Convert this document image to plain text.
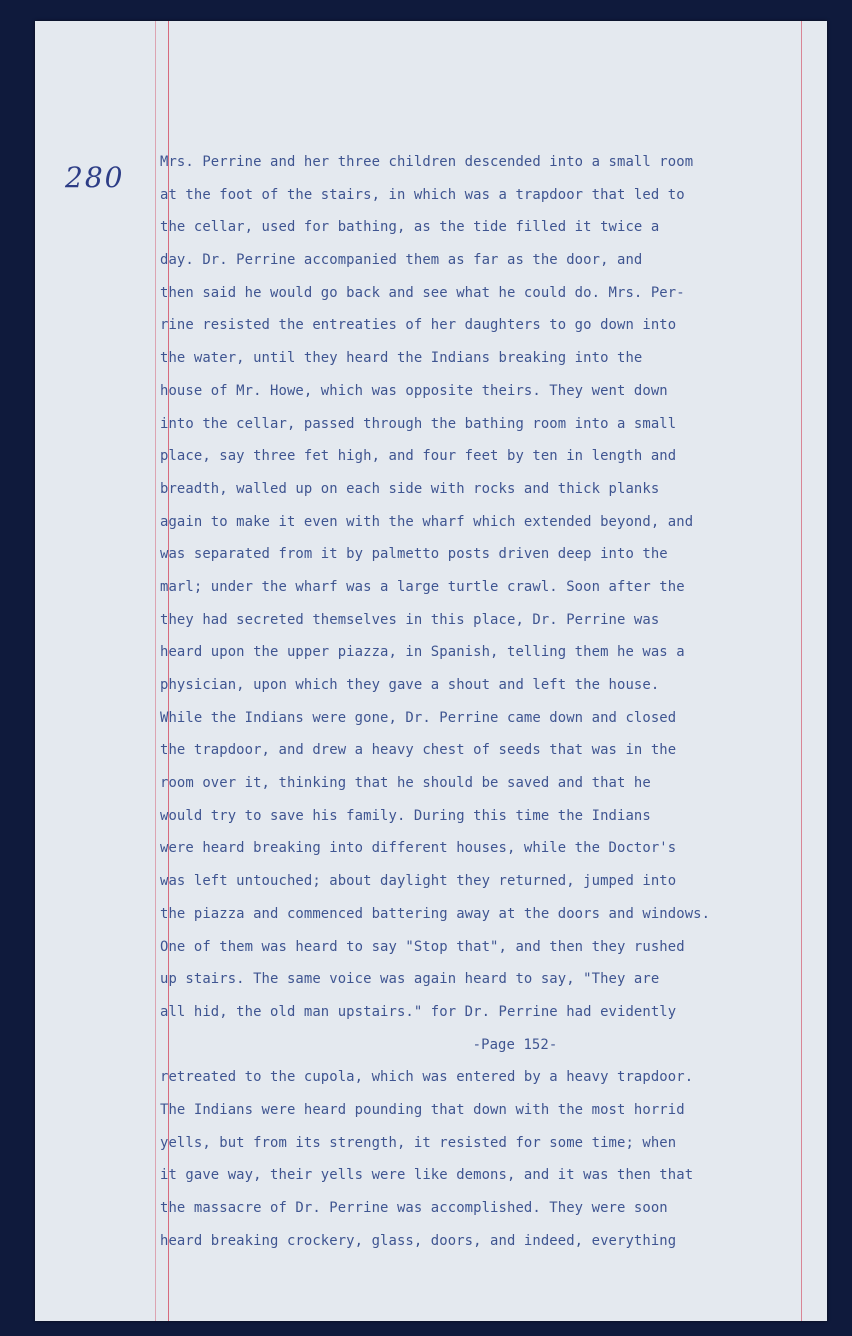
280	Mrs. Perrine and her three children descended into a small room
at the foot of the stairs, in which was a trapdoor that led to
the cellar, used for bathing, as the tide filled it twice a
day. Dr. Perrine accompanied them as far as the door, and
then said he would go back and see what he could do. Mrs. Per-
rine resisted the entreaties of her daughters to go down into
the water, until they heard the Indians breaking into the
house of Mr. Howe, which was opposite theirs. They went down
into the cellar, passed through the bathing room into a small
place, say three fet high, and four feet by ten in length and
breadth, walled up on each side with rocks and thick planks
again to make it even with the wharf which extended beyond, and
was separated from it by palmetto posts driven deep into the
marl; under the wharf was a large turtle crawl. Soon after the
they had secreted themselves in this place, Dr. Perrine was
heard upon the upper piazza, in Spanish, telling them he was a
physician, upon which they gave a shout and left the house.
While the Indians were gone, Dr. Perrine came down and closed
the trapdoor, and drew a heavy chest of seeds that was in the
room over it, thinking that he should be saved and that he
would try to save his family. During this time the Indians
were heard breaking into different houses, while the Doctor's
was left untouched; about daylight they returned, jumped into
the piazza and commenced battering away at the doors and windows.
One of them was heard to say "Stop that", and then they rushed
up stairs. The same voice was again heard to say, "They are
all hid, the old man upstairs." for Dr. Perrine had evidently
-Page 152-
retreated to the cupola, which was entered by a heavy trapdoor.
The Indians were heard pounding that down with the most horrid
yells, but from its strength, it resisted for some time; when
it gave way, their yells were like demons, and it was then that
the massacre of Dr. Perrine was accomplished. They were soon
heard breaking crockery, glass, doors, and indeed, everything
